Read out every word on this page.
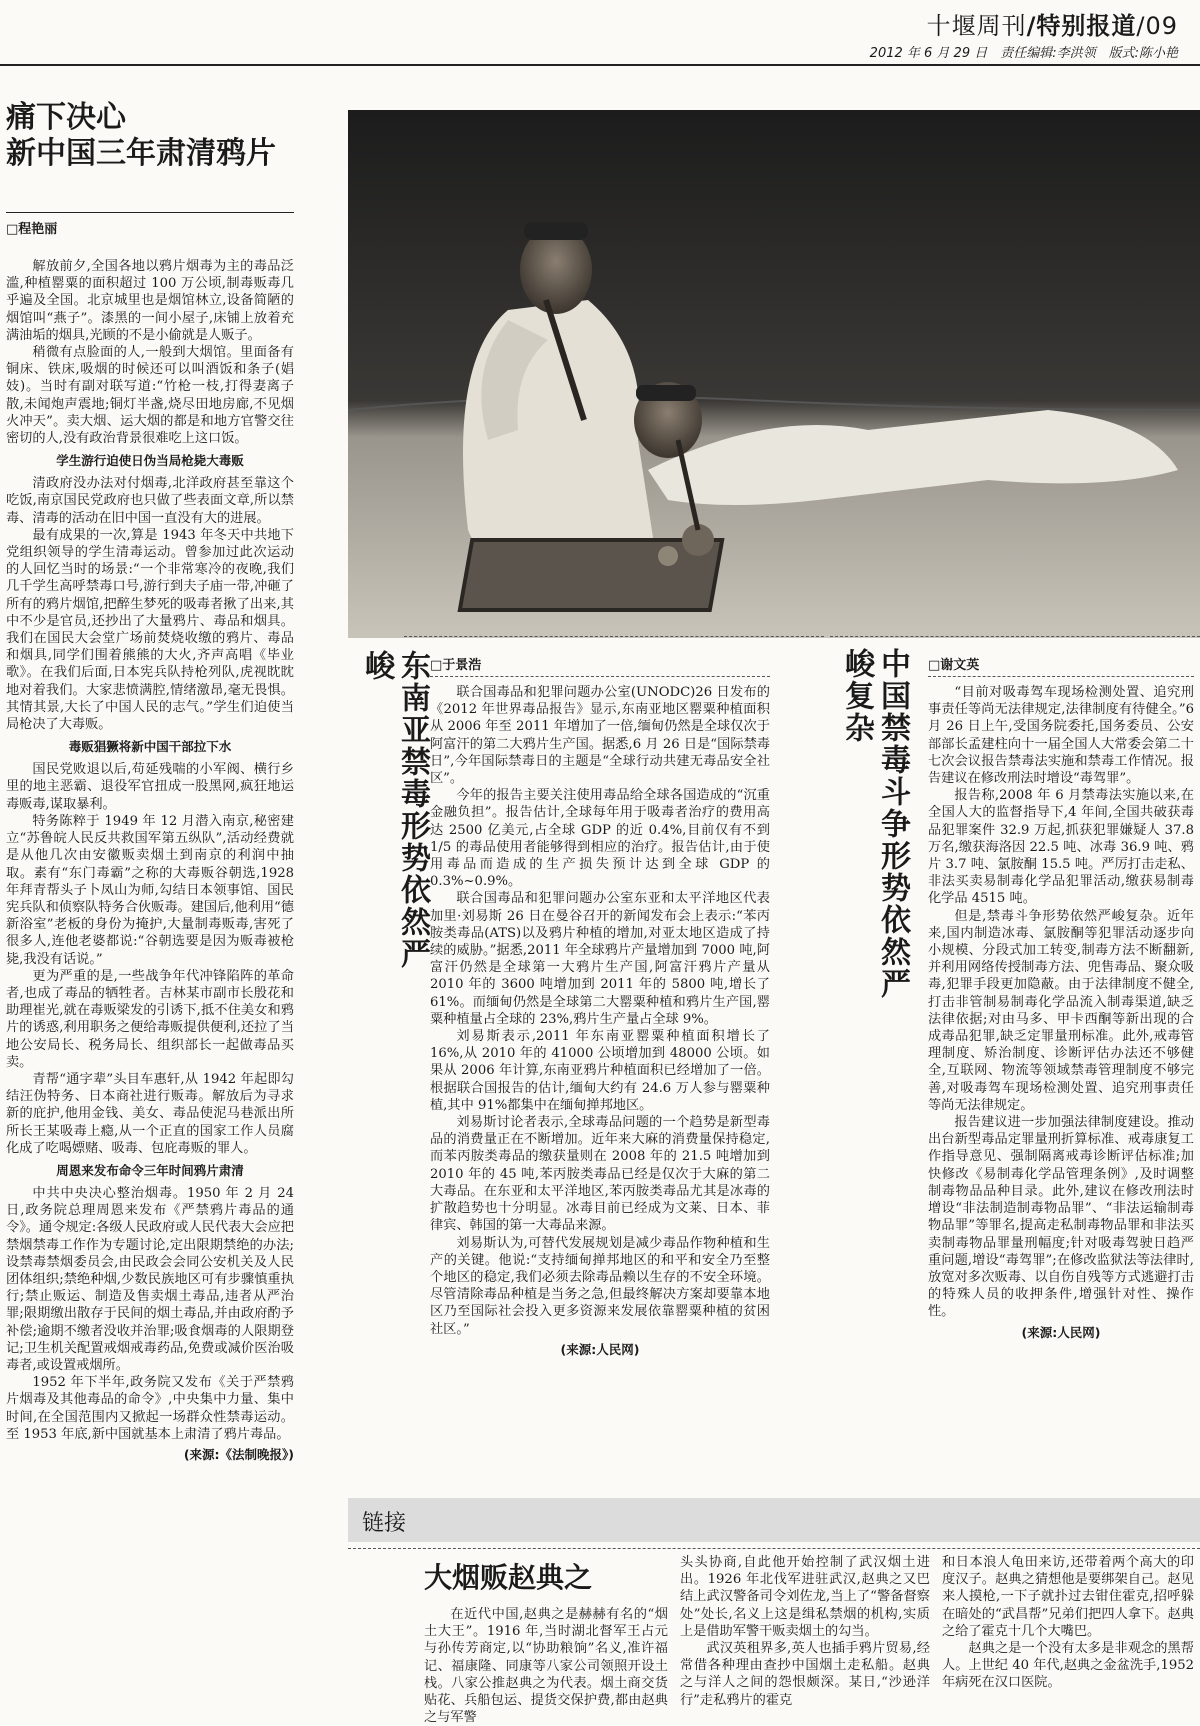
十堰周刊/特别报道/09
2012 年 6 月 29 日　责任编辑:李洪领　版式:陈小艳
痛下决心
新中国三年肃清鸦片
□程艳丽

解放前夕,全国各地以鸦片烟毒为主的毒品泛滥,种植罂粟的面积超过 100 万公顷,制毒贩毒几乎遍及全国。北京城里也是烟馆林立,设备简陋的烟馆叫“燕子”。漆黑的一间小屋子,床铺上放着充满油垢的烟具,光顾的不是小偷就是人贩子。

稍微有点脸面的人,一般到大烟馆。里面备有铜床、铁床,吸烟的时候还可以叫酒饭和条子(娼妓)。当时有副对联写道:“竹枪一枝,打得妻离子散,未闻炮声震地;铜灯半盏,烧尽田地房廊,不见烟火冲天”。卖大烟、运大烟的都是和地方官警交往密切的人,没有政治背景很难吃上这口饭。

学生游行迫使日伪当局枪毙大毒贩

清政府没办法对付烟毒,北洋政府甚至靠这个吃饭,南京国民党政府也只做了些表面文章,所以禁毒、清毒的活动在旧中国一直没有大的进展。

最有成果的一次,算是 1943 年冬天中共地下党组织领导的学生清毒运动。曾参加过此次运动的人回忆当时的场景:“一个非常寒冷的夜晚,我们几千学生高呼禁毒口号,游行到夫子庙一带,冲砸了所有的鸦片烟馆,把醉生梦死的吸毒者揪了出来,其中不少是官员,还抄出了大量鸦片、毒品和烟具。我们在国民大会堂广场前焚烧收缴的鸦片、毒品和烟具,同学们围着熊熊的大火,齐声高唱《毕业歌》。在我们后面,日本宪兵队持枪列队,虎视眈眈地对着我们。大家悲愤满腔,情绪激昂,毫无畏惧。其情其景,大长了中国人民的志气。”学生们迫使当局枪决了大毒贩。

毒贩猖獗将新中国干部拉下水

国民党败退以后,苟延残喘的小军阀、横行乡里的地主恶霸、退役军官扭成一股黑网,疯狂地运毒贩毒,谋取暴利。

特务陈粹于 1949 年 12 月潜入南京,秘密建立“苏鲁皖人民反共救国军第五纵队”,活动经费就是从他几次由安徽贩卖烟土到南京的利润中抽取。素有“东门毒霸”之称的大毒贩谷朝选,1928 年拜青帮头子卜凤山为师,勾结日本领事馆、国民宪兵队和侦察队特务合伙贩毒。建国后,他利用“德新浴室”老板的身份为掩护,大量制毒贩毒,害死了很多人,连他老婆都说:“谷朝选要是因为贩毒被枪毙,我没有话说。”

更为严重的是,一些战争年代冲锋陷阵的革命者,也成了毒品的牺牲者。吉林某市副市长殷花和助理崔光,就在毒贩梁发的引诱下,抵不住美女和鸦片的诱惑,利用职务之便给毒贩提供便利,还拉了当地公安局长、税务局长、组织部长一起做毒品买卖。

青帮“通字辈”头目车惠轩,从 1942 年起即勾结汪伪特务、日本商社进行贩毒。解放后为寻求新的庇护,他用金钱、美女、毒品使泥马巷派出所所长王某吸毒上瘾,从一个正直的国家工作人员腐化成了吃喝嫖赌、吸毒、包庇毒贩的罪人。

周恩来发布命令三年时间鸦片肃清

中共中央决心整治烟毒。1950 年 2 月 24 日,政务院总理周恩来发布《严禁鸦片毒品的通令》。通令规定:各级人民政府或人民代表大会应把禁烟禁毒工作作为专题讨论,定出限期禁绝的办法;设禁毒禁烟委员会,由民政会会同公安机关及人民团体组织;禁绝种烟,少数民族地区可有步骤慎重执行;禁止贩运、制造及售卖烟土毒品,违者从严治罪;限期缴出散存于民间的烟土毒品,并由政府酌予补偿;逾期不缴者没收并治罪;吸食烟毒的人限期登记;卫生机关配置戒烟戒毒药品,免费或减价医治吸毒者,或设置戒烟所。

1952 年下半年,政务院又发布《关于严禁鸦片烟毒及其他毒品的命令》,中央集中力量、集中时间,在全国范围内又掀起一场群众性禁毒运动。至 1953 年底,新中国就基本上肃清了鸦片毒品。

(来源:《法制晚报》)
东南亚禁毒形势依然严峻	□于景浩

联合国毒品和犯罪问题办公室(UNODC)26 日发布的《2012 年世界毒品报告》显示,东南亚地区罂粟种植面积从 2006 年至 2011 年增加了一倍,缅甸仍然是全球仅次于阿富汗的第二大鸦片生产国。据悉,6 月 26 日是“国际禁毒日”,今年国际禁毒日的主题是“全球行动共建无毒品安全社区”。

今年的报告主要关注使用毒品给全球各国造成的“沉重金融负担”。报告估计,全球每年用于吸毒者治疗的费用高达 2500 亿美元,占全球 GDP 的近 0.4%,目前仅有不到 1/5 的毒品使用者能够得到相应的治疗。报告估计,由于使用毒品而造成的生产损失预计达到全球 GDP 的 0.3%~0.9%。

联合国毒品和犯罪问题办公室东亚和太平洋地区代表加里·刘易斯 26 日在曼谷召开的新闻发布会上表示:“苯丙胺类毒品(ATS)以及鸦片种植的增加,对亚太地区造成了持续的威胁。”据悉,2011 年全球鸦片产量增加到 7000 吨,阿富汗仍然是全球第一大鸦片生产国,阿富汗鸦片产量从 2010 年的 3600 吨增加到 2011 年的 5800 吨,增长了 61%。而缅甸仍然是全球第二大罂粟种植和鸦片生产国,罂粟种植量占全球的 23%,鸦片生产量占全球 9%。

刘易斯表示,2011 年东南亚罂粟种植面积增长了 16%,从 2010 年的 41000 公顷增加到 48000 公顷。如果从 2006 年计算,东南亚鸦片种植面积已经增加了一倍。根据联合国报告的估计,缅甸大约有 24.6 万人参与罂粟种植,其中 91%都集中在缅甸掸邦地区。

刘易斯讨论者表示,全球毒品问题的一个趋势是新型毒品的消费量正在不断增加。近年来大麻的消费量保持稳定,而苯丙胺类毒品的缴获量则在 2008 年的 21.5 吨增加到 2010 年的 45 吨,苯丙胺类毒品已经是仅次于大麻的第二大毒品。在东亚和太平洋地区,苯丙胺类毒品尤其是冰毒的扩散趋势也十分明显。冰毒目前已经成为文莱、日本、菲律宾、韩国的第一大毒品来源。

刘易斯认为,可替代发展规划是减少毒品作物种植和生产的关键。他说:“支持缅甸掸邦地区的和平和安全乃至整个地区的稳定,我们必须去除毒品赖以生存的不安全环境。尽管清除毒品种植是当务之急,但最终解决方案却要靠本地区乃至国际社会投入更多资源来发展依靠罂粟种植的贫困社区。”

(来源:人民网)
中国禁毒斗争形势依然严峻复杂	□谢文英

“目前对吸毒驾车现场检测处置、追究刑事责任等尚无法律规定,法律制度有待健全。”6 月 26 日上午,受国务院委托,国务委员、公安部部长孟建柱向十一届全国人大常委会第二十七次会议报告禁毒法实施和禁毒工作情况。报告建议在修改刑法时增设“毒驾罪”。

报告称,2008 年 6 月禁毒法实施以来,在全国人大的监督指导下,4 年间,全国共破获毒品犯罪案件 32.9 万起,抓获犯罪嫌疑人 37.8 万名,缴获海洛因 22.5 吨、冰毒 36.9 吨、鸦片 3.7 吨、氯胺酮 15.5 吨。严厉打击走私、非法买卖易制毒化学品犯罪活动,缴获易制毒化学品 4515 吨。

但是,禁毒斗争形势依然严峻复杂。近年来,国内制造冰毒、氯胺酮等犯罪活动逐步向小规模、分段式加工转变,制毒方法不断翻新,并利用网络传授制毒方法、兜售毒品、聚众吸毒,犯罪手段更加隐蔽。由于法律制度不健全,打击非管制易制毒化学品流入制毒渠道,缺乏法律依据;对由马多、甲卡西酮等新出现的合成毒品犯罪,缺乏定罪量刑标准。此外,戒毒管理制度、矫治制度、诊断评估办法还不够健全,互联网、物流等领域禁毒管理制度不够完善,对吸毒驾车现场检测处置、追究刑事责任等尚无法律规定。

报告建议进一步加强法律制度建设。推动出台新型毒品定罪量刑折算标准、戒毒康复工作指导意见、强制隔离戒毒诊断评估标准;加快修改《易制毒化学品管理条例》,及时调整制毒物品品种目录。此外,建议在修改刑法时增设“非法制造制毒物品罪”、“非法运输制毒物品罪”等罪名,提高走私制毒物品罪和非法买卖制毒物品罪量刑幅度;针对吸毒驾驶日趋严重问题,增设“毒驾罪”;在修改监狱法等法律时,放宽对多次贩毒、以自伤自残等方式逃避打击的特殊人员的收押条件,增强针对性、操作性。

(来源:人民网)
链接
大烟贩赵典之

在近代中国,赵典之是赫赫有名的“烟土大王”。1916 年,当时湖北督军王占元与孙传芳商定,以“协助粮饷”名义,准许福记、福康隆、同康等八家公司领照开设土栈。八家公推赵典之为代表。烟土商交货贴花、兵船包运、提货交保护费,都由赵典之与军警

头头协商,自此他开始控制了武汉烟土进出。1926 年北伐军进驻武汉,赵典之又巴结上武汉警备司令刘佐龙,当上了“警备督察处”处长,名义上这是缉私禁烟的机构,实质上是借助军警干贩卖烟土的勾当。

武汉英租界多,英人也插手鸦片贸易,经常借各种理由查抄中国烟土走私船。赵典之与洋人之间的怨恨颇深。某日,“沙逊洋行”走私鸦片的霍克

和日本浪人龟田来访,还带着两个高大的印度汉子。赵典之猜想他是要绑架自己。赵见来人摸枪,一下子就扑过去钳住霍克,招呼躲在暗处的“武昌帮”兄弟们把四人拿下。赵典之给了霍克十几个大嘴巴。

赵典之是一个没有太多是非观念的黑帮人。上世纪 40 年代,赵典之金盆洗手,1952 年病死在汉口医院。
